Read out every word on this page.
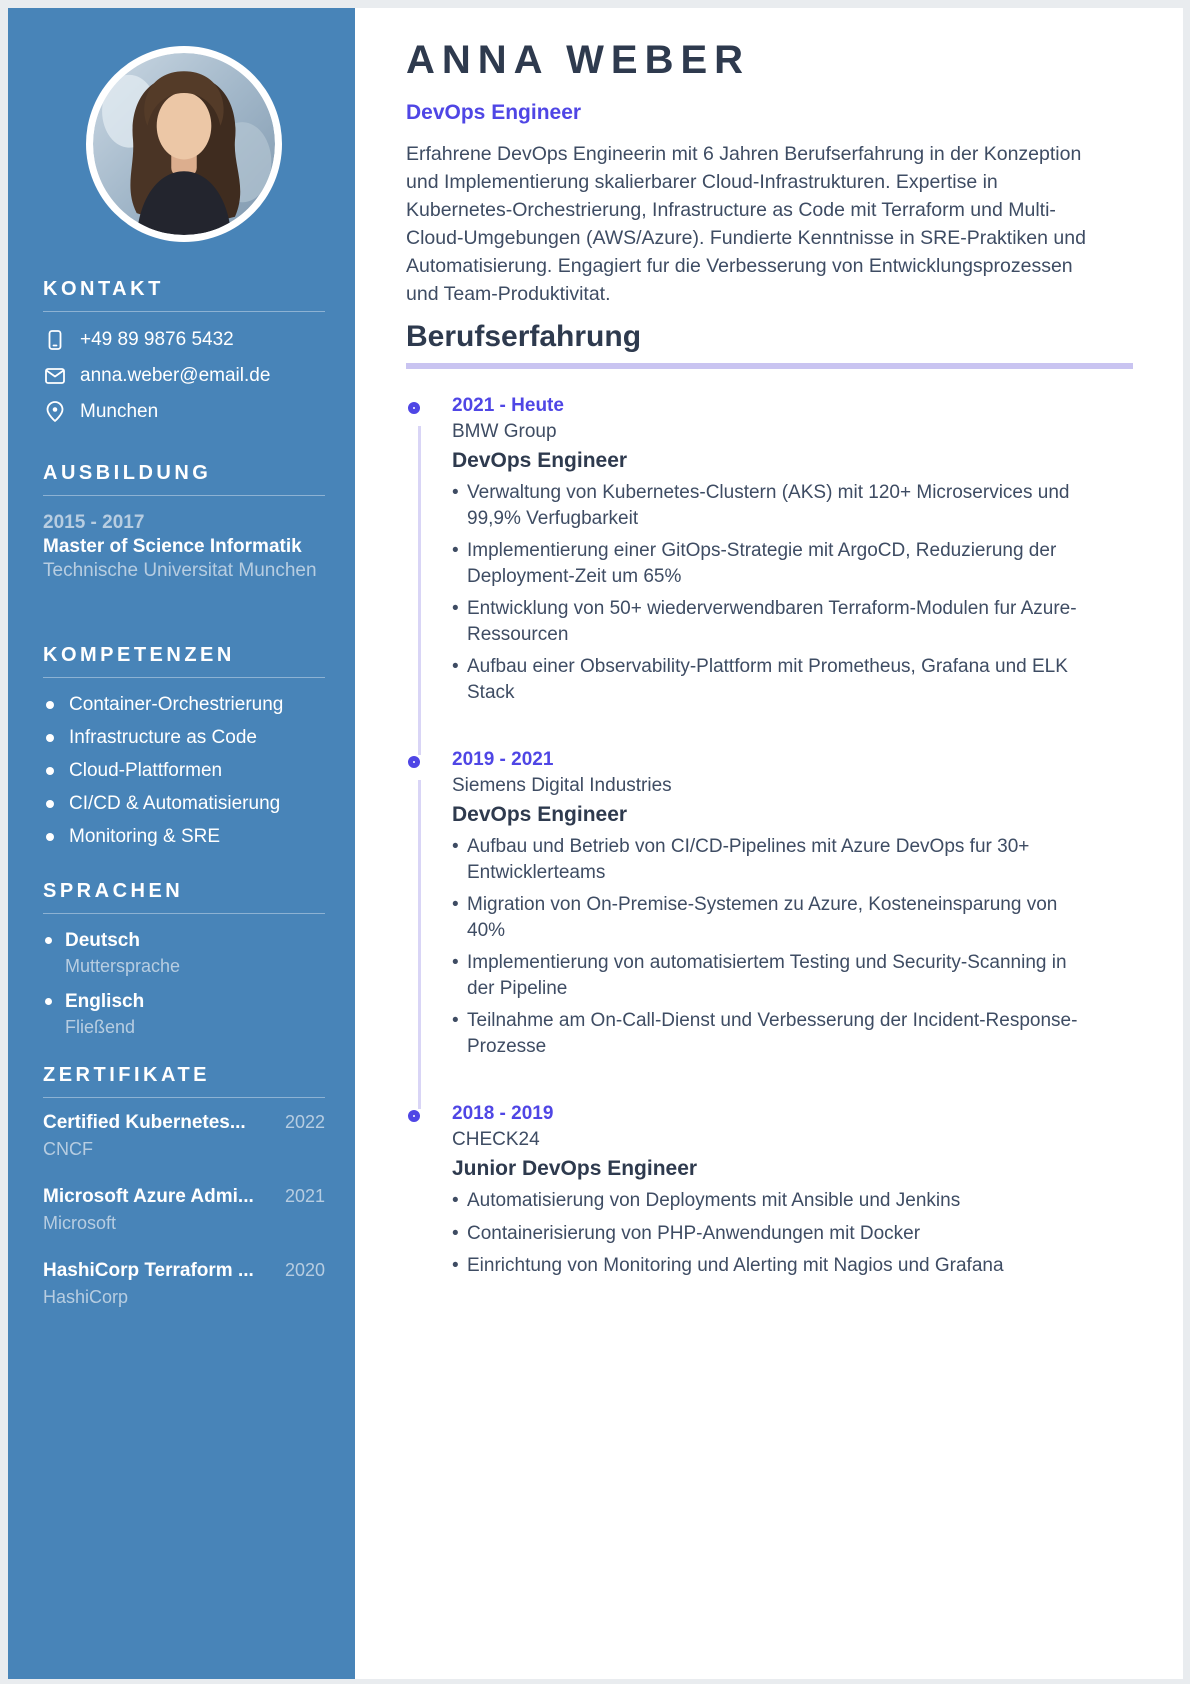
KONTAKT
+49 89 9876 5432
anna.weber@email.de
Munchen
AUSBILDUNG
2015 - 2017
Master of Science Informatik
Technische Universitat Munchen
KOMPETENZEN
Container-Orchestrierung
Infrastructure as Code
Cloud-Plattformen
CI/CD & Automatisierung
Monitoring & SRE
SPRACHEN
Deutsch
Muttersprache
Englisch
Fließend
ZERTIFIKATE
Certified Kubernetes... 2022
CNCF
Microsoft Azure Admi... 2021
Microsoft
HashiCorp Terraform ... 2020
HashiCorp
ANNA WEBER
DevOps Engineer

Erfahrene DevOps Engineerin mit 6 Jahren Berufserfahrung in der Konzeption und Implementierung skalierbarer Cloud-Infrastrukturen. Expertise in Kubernetes-Orchestrierung, Infrastructure as Code mit Terraform und Multi-Cloud-Umgebungen (AWS/Azure). Fundierte Kenntnisse in SRE-Praktiken und Automatisierung. Engagiert fur die Verbesserung von Entwicklungsprozessen und Team-Produktivitat.

Berufserfahrung
2021 - Heute
BMW Group
DevOps Engineer
• Verwaltung von Kubernetes-Clustern (AKS) mit 120+ Microservices und 99,9% Verfugbarkeit
• Implementierung einer GitOps-Strategie mit ArgoCD, Reduzierung der Deployment-Zeit um 65%
• Entwicklung von 50+ wiederverwendbaren Terraform-Modulen fur Azure-Ressourcen
• Aufbau einer Observability-Plattform mit Prometheus, Grafana und ELK Stack
2019 - 2021
Siemens Digital Industries
DevOps Engineer
• Aufbau und Betrieb von CI/CD-Pipelines mit Azure DevOps fur 30+ Entwicklerteams
• Migration von On-Premise-Systemen zu Azure, Kosteneinsparung von 40%
• Implementierung von automatisiertem Testing und Security-Scanning in der Pipeline
• Teilnahme am On-Call-Dienst und Verbesserung der Incident-Response-Prozesse
2018 - 2019
CHECK24
Junior DevOps Engineer
• Automatisierung von Deployments mit Ansible und Jenkins
• Containerisierung von PHP-Anwendungen mit Docker
• Einrichtung von Monitoring und Alerting mit Nagios und Grafana
